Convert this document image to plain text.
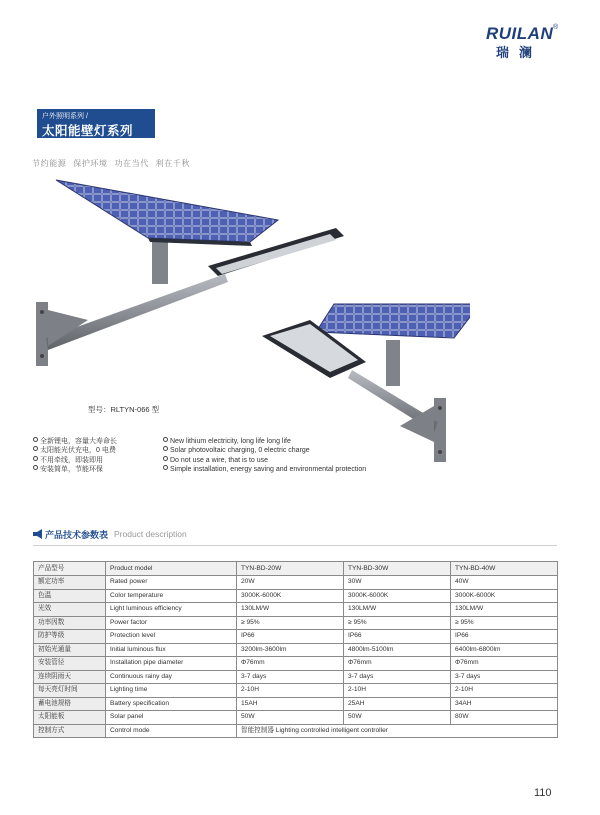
RUILAN ®
瑞澜
户外照明系列 /
太阳能壁灯系列
节约能源 保护环境 功在当代 利在千秋
型号：RLTYN-066 型
全新锂电，容量大寿命长
太阳能光伏充电，0 电费
不用牵线，即装即用
安装简单，节能环保
New lithium electricity, long life long life
Solar photovoltaic charging, 0 electric charge
Do not use a wire, that is to use
Simple installation, energy saving and environmental protection
产品技术参数表 Product description
产品型号	Product model	TYN-BD-20W	TYN-BD-30W	TYN-BD-40W
额定功率	Rated power	20W	30W	40W
色温	Color temperature	3000K-6000K	3000K-6000K	3000K-6000K
光效	Light luminous efficiency	130LM/W	130LM/W	130LM/W
功率因数	Power factor	≥ 95%	≥ 95%	≥ 95%
防护等级	Protection level	IP66	IP66	IP66
初始光通量	Initial luminous flux	3200lm-3600lm	4800lm-5100lm	6400lm-6800lm
安装管径	Installation pipe diameter	Φ76mm	Φ76mm	Φ76mm
连续阴雨天	Continuous rainy day	3-7 days	3-7 days	3-7 days
每天亮灯时间	Lighting time	2-10H	2-10H	2-10H
蓄电池规格	Battery specification	15AH	25AH	34AH
太阳能板	Solar panel	50W	50W	80W
控制方式	Control mode	智能控制器 Lighting controlled intelligent controller		
110
